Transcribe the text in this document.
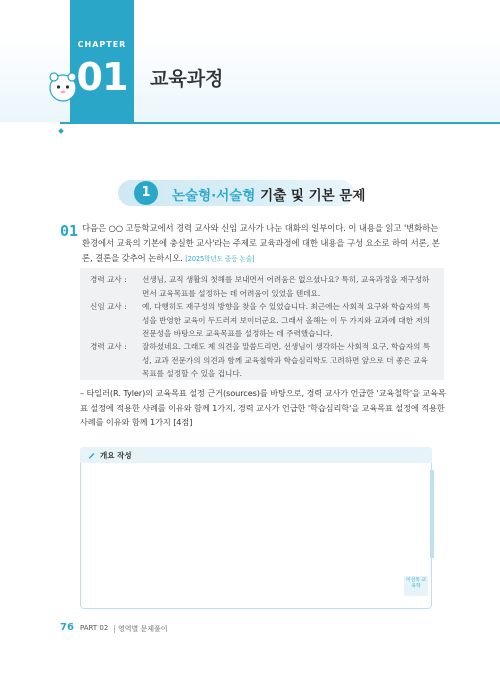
CHAPTER
01	교육과정
1	논술형·서술형 기출 및 기본 문제
01 다음은 ○○ 고등학교에서 경력 교사와 신임 교사가 나눈 대화의 일부이다. 이 내용을 읽고 '변화하는 환경에서 교육의 기본에 충실한 교사'라는 주제로 교육과정에 대한 내용을 구성 요소로 하여 서론, 본론, 결론을 갖추어 논하시오. [2025학년도 중등 논술]
경력 교사 :	선생님, 교직 생활의 첫해를 보내면서 어려움은 없으셨나요? 특히, 교육과정을 재구성하면서 교육목표를 설정하는 데 어려움이 있었을 텐데요.
신임 교사 :	예, 다행히도 재구성의 방향을 찾을 수 있었습니다. 최근에는 사회적 요구와 학습자의 특성을 반영한 교육이 두드러져 보이더군요. 그래서 올해는 이 두 가지와 교과에 대한 저의 전문성을 바탕으로 교육목표를 설정하는 데 주력했습니다.
경력 교사 :	잘하셨네요. 그래도 제 의견을 말씀드리면, 선생님이 생각하는 사회적 요구, 학습자의 특성, 교과 전문가의 의견과 함께 교육철학과 학습심리학도 고려하면 앞으로 더 좋은 교육목표를 설정할 수 있을 겁니다.
– 타일러(R. Tyler)의 교육목표 설정 근거(sources)를 바탕으로, 경력 교사가 언급한 '교육철학'을 교육목표 설정에 적용한 사례를 이유와 함께 1가지, 경력 교사가 언급한 '학습심리학'을 교육목표 설정에 적용한 사례를 이유와 함께 1가지 [4점]
개요 작성
미선톡 교육학
76 PART 02 영역별 문제풀이
